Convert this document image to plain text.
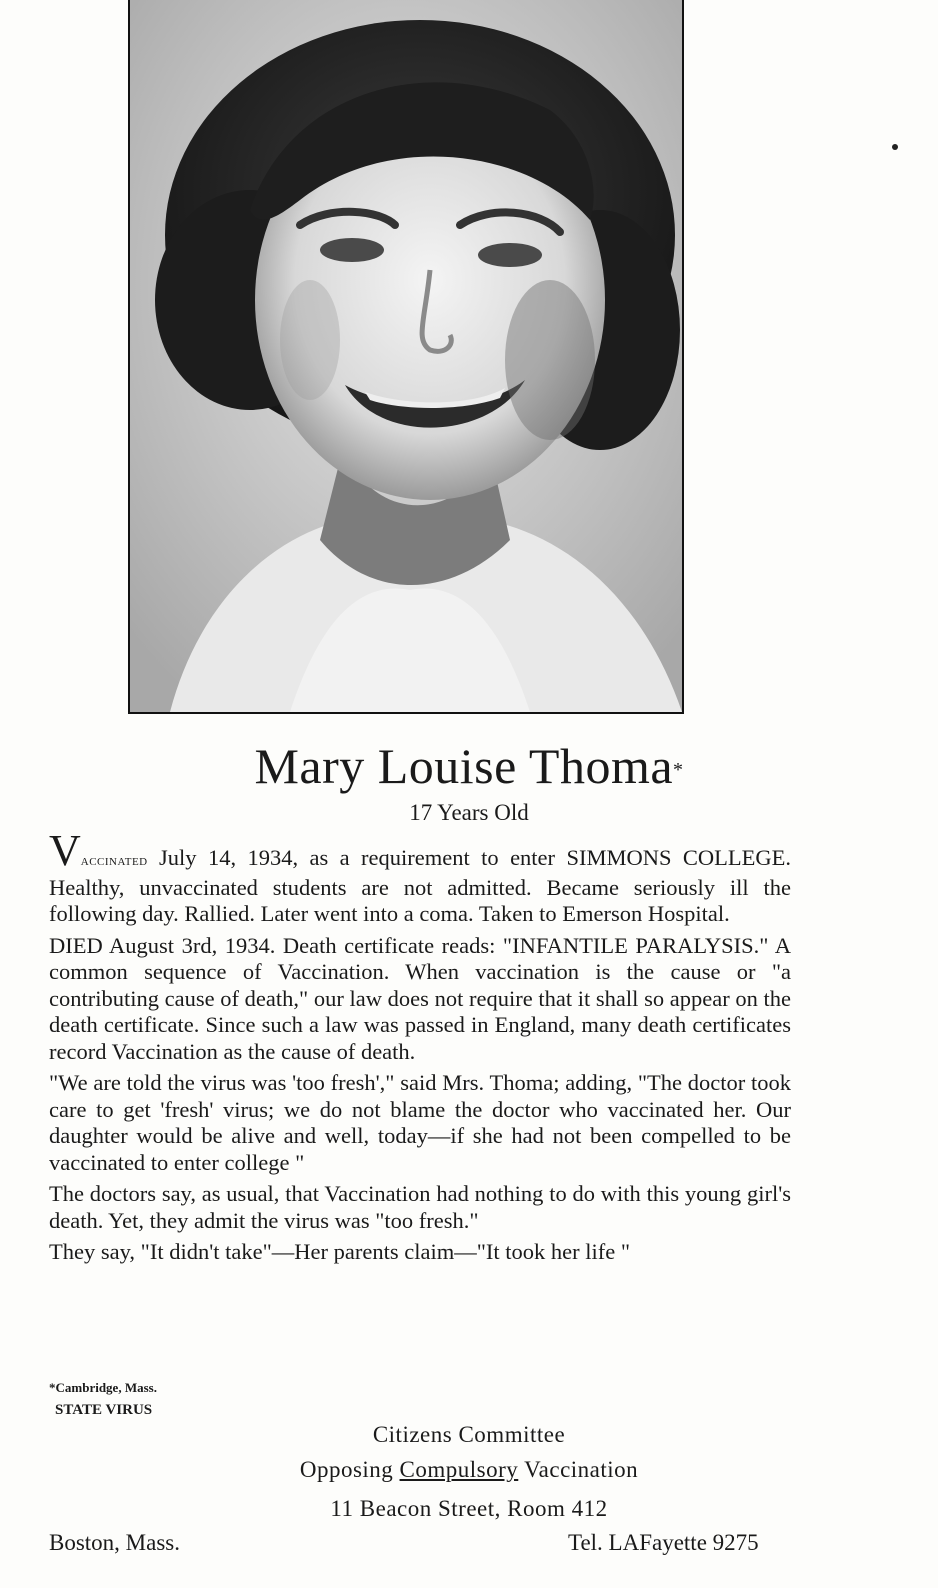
Mary Louise Thoma*
17 Years Old

Vaccinated July 14, 1934, as a requirement to enter SIMMONS COLLEGE. Healthy, unvaccinated students are not admitted. Became seriously ill the following day. Rallied. Later went into a coma. Taken to Emerson Hospital.

DIED August 3rd, 1934. Death certificate reads: "INFANTILE PARALYSIS." A common sequence of Vaccination. When vaccination is the cause or "a contributing cause of death," our law does not require that it shall so appear on the death certificate. Since such a law was passed in England, many death certificates record Vaccination as the cause of death.

"We are told the virus was 'too fresh'," said Mrs. Thoma; adding, "The doctor took care to get 'fresh' virus; we do not blame the doctor who vaccinated her. Our daughter would be alive and well, today—if she had not been compelled to be vaccinated to enter college "

The doctors say, as usual, that Vaccination had nothing to do with this young girl's death. Yet, they admit the virus was "too fresh."

They say, "It didn't take"—Her parents claim—"It took her life "

*Cambridge, Mass.
STATE VIRUS
Citizens Committee
Opposing Compulsory Vaccination
11 Beacon Street, Room 412
Boston, Mass.	Tel. LAFayette 9275
